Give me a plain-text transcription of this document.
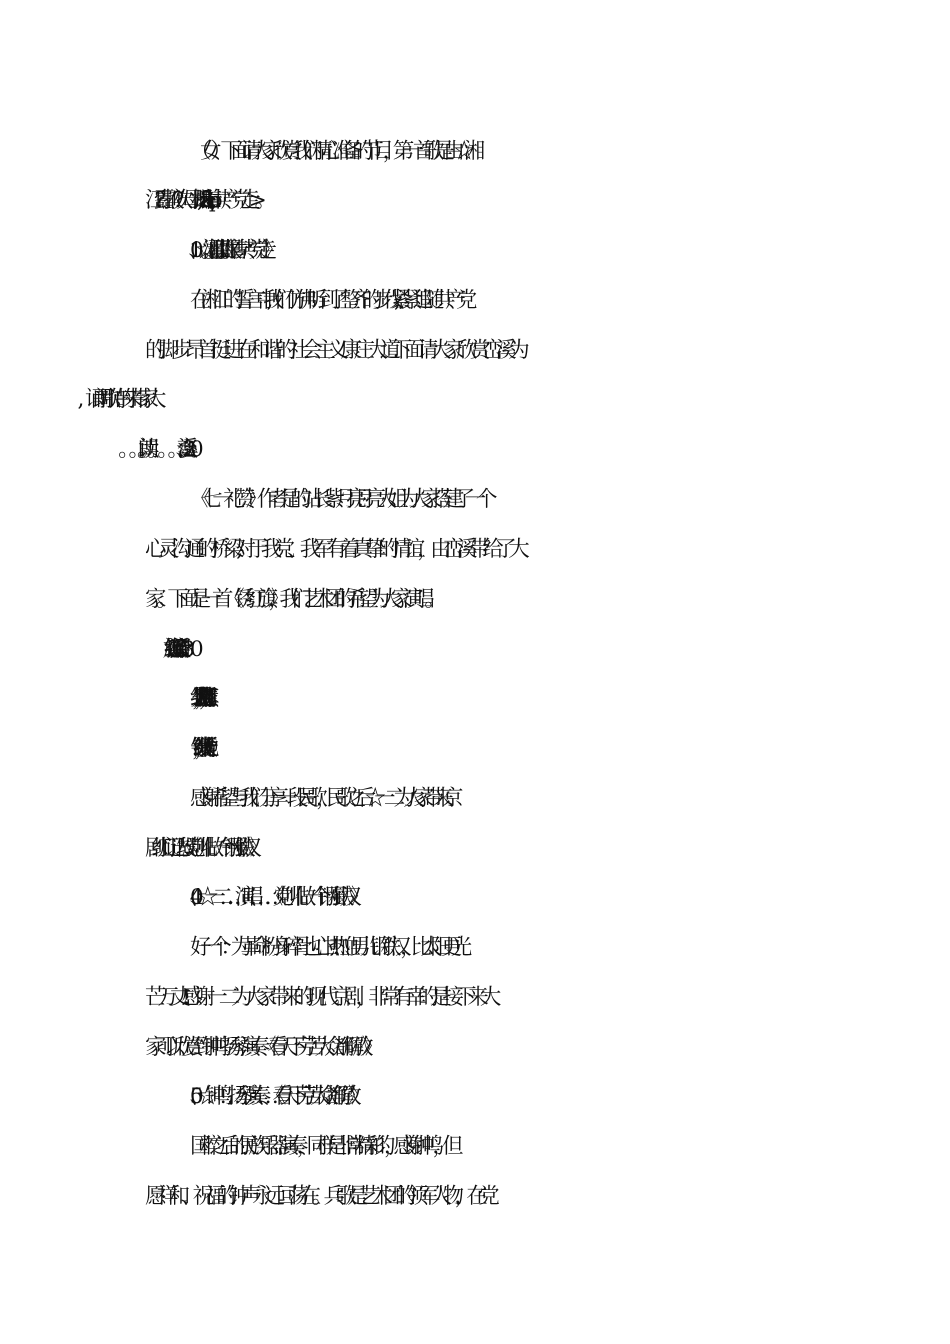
（女）下面请大家欣赏我们精心准备的节目，第一首歌是由☆湘
江?蠹掖?吹母柢?amp;lt;跟着共产党走>。
01、☆湘江。。。。。歌曲。。《跟着共产党走》
在湘江的誓言中,我们仿佛听到了整齐的步伐,紧紧追随共产党
的脚步昂首挺进在和谐的社会主义康庄大道.下面请大家欣赏峦溪为
《七一礼赞》作者是的站长紫月亮.月亮大姐为大家搭建了一个
心灵沟通的桥梁,对于我党、我军有着真挚的情谊，由峦溪带给了大
家。下面是一首《锈红旗》，我们艺术团的希望为大家演唱。
线儿长，针儿密，我用仰慕锈红旗，
一针针，一线线，绣出一片新天地。
感谢希望与我们分享一段民歌，民歌之后☆一二为大家带来京
剧红灯记选段：《党叫儿做一个钢强铁汉》
04、☆一二……演唱……《党叫儿做一个钢强铁汉》
好一个：为革命粉身碎骨也心甘!热血男儿钢铁汉，比太阳更光
芒万丈!!感谢一二为大家带来的现代京剧，非常有幸的是接下来大
家可以欣赏到钟鸣扬琴演奏《看天下劳苦大众都解放》
05、☆钟鸣…扬琴演奏…《看天下劳苦大众都解放》
国粹之后的民族乐器演奏，同样是非常精彩的，感谢钟鸣，但
愿祥和、祝福的钟声永远回荡在。兵歌是艺术团的领军人物，在党
